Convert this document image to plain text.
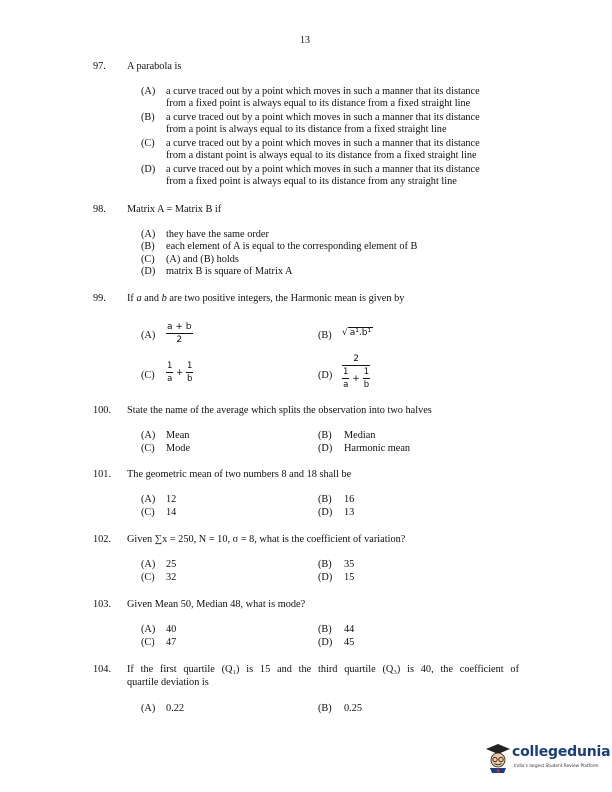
13
97. A parabola is
(A) a curve traced out by a point which moves in such a manner that its distance
from a fixed point is always equal to its distance from a fixed straight line
(B) a curve traced out by a point which moves in such a manner that its distance
from a point is always equal to its distance from a fixed straight line
(C) a curve traced out by a point which moves in such a manner that its distance
from a distant point is always equal to its distance from a fixed straight line
(D) a curve traced out by a point which moves in such a manner that its distance
from a fixed point is always equal to its distance from any straight line
98. Matrix A = Matrix B if
(A) they have the same order
(B) each element of A is equal to the corresponding element of B
(C) (A) and (B) holds
(D) matrix B is square of Matrix A
99. If a and b are two positive integers, the Harmonic mean is given by
$(A) \frac{a + b}{2}$	(B) √ a¹.b¹
$(C) \frac{1}{a} + \frac{1}{b}$	$(D) \frac{2}{\frac{1}{a} + \frac{1}{b}}$
100. State the name of the average which splits the observation into two halves
(A) Mean	(B) Median
(C) Mode	(D) Harmonic mean
101. The geometric mean of two numbers 8 and 18 shall be
(A) 12	(B) 16
(C) 14	(D) 13
102. Given ∑x = 250, N = 10, σ = 8, what is the coefficient of variation?
(A) 25	(B) 35
(C) 32	(D) 15
103. Given Mean 50, Median 48, what is mode?
(A) 40	(B) 44
(C) 47	(D) 45
104. If the first quartile (Q₁) is 15 and the third quartile (Q₃) is 40, the coefficient of
quartile deviation is
(A) 0.22	(B) 0.25
collegedunia
India's largest Student Review Platform
